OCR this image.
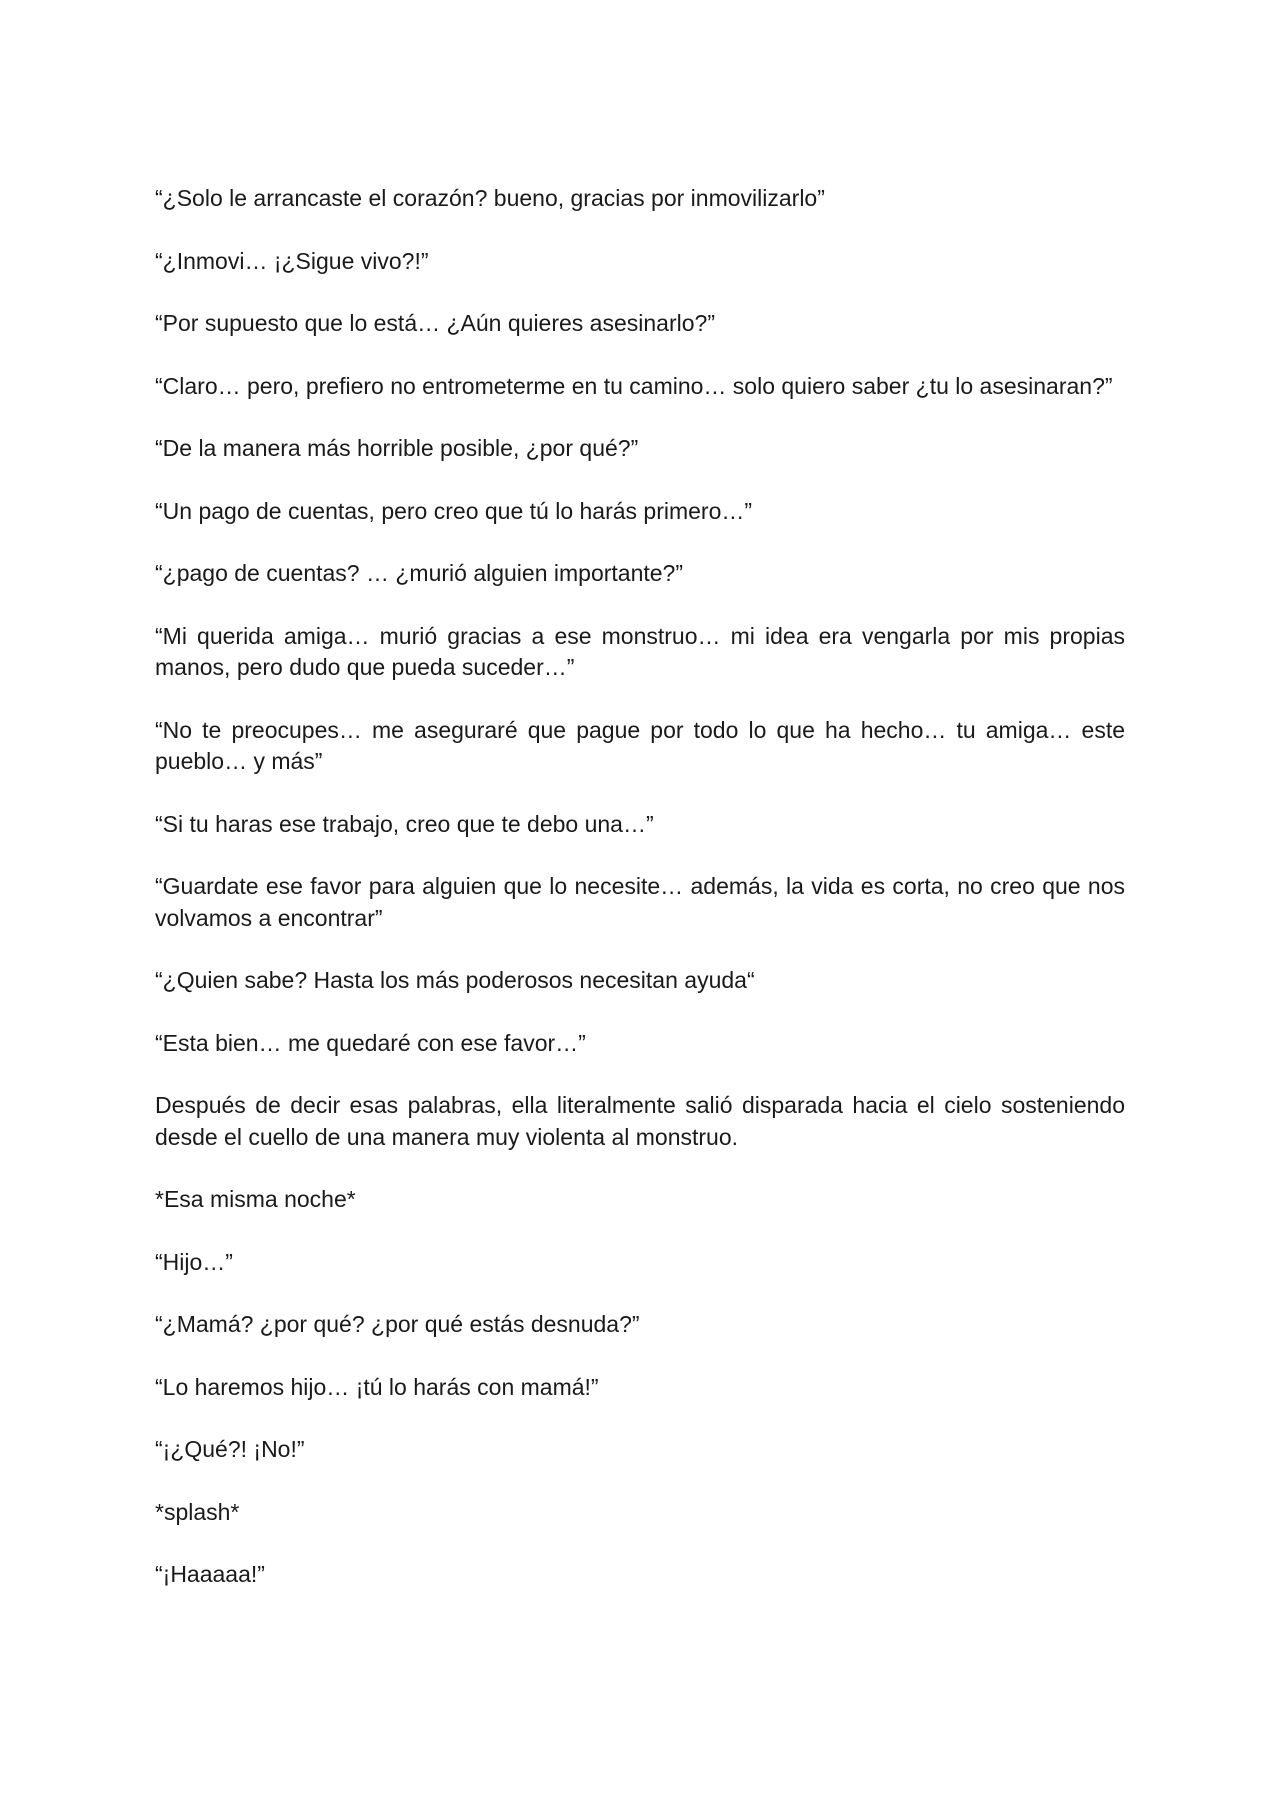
“¿Solo le arrancaste el corazón? bueno, gracias por inmovilizarlo”

“¿Inmovi… ¡¿Sigue vivo?!”

“Por supuesto que lo está… ¿Aún quieres asesinarlo?”

“Claro… pero, prefiero no entrometerme en tu camino… solo quiero saber ¿tu lo asesinaran?”

“De la manera más horrible posible, ¿por qué?”

“Un pago de cuentas, pero creo que tú lo harás primero…”

“¿pago de cuentas? … ¿murió alguien importante?”

“Mi querida amiga… murió gracias a ese monstruo… mi idea era vengarla por mis propias manos, pero dudo que pueda suceder…”

“No te preocupes… me aseguraré que pague por todo lo que ha hecho… tu amiga… este pueblo… y más”

“Si tu haras ese trabajo, creo que te debo una…”

“Guardate ese favor para alguien que lo necesite… además, la vida es corta, no creo que nos volvamos a encontrar”

“¿Quien sabe? Hasta los más poderosos necesitan ayuda“

“Esta bien… me quedaré con ese favor…”

Después de decir esas palabras, ella literalmente salió disparada hacia el cielo sosteniendo desde el cuello de una manera muy violenta al monstruo.

*Esa misma noche*

“Hijo…”

“¿Mamá? ¿por qué? ¿por qué estás desnuda?”

“Lo haremos hijo… ¡tú lo harás con mamá!”

“¡¿Qué?! ¡No!”

*splash*

“¡Haaaaa!”
